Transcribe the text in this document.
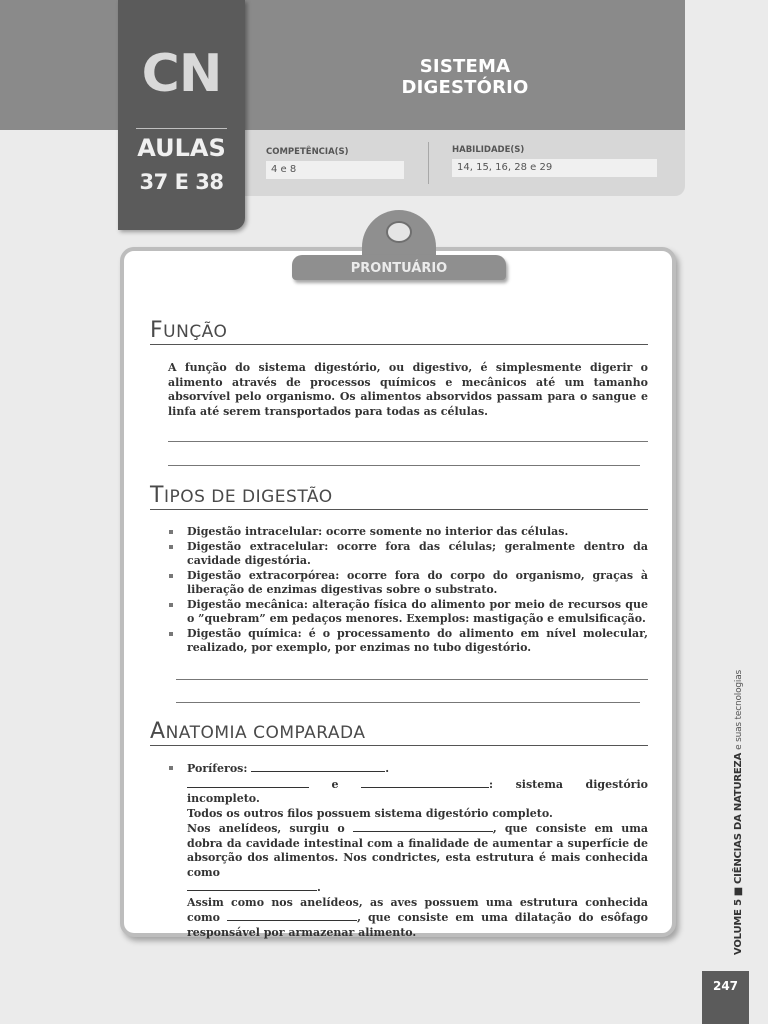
SISTEMA DIGESTÓRIO
COMPETÊNCIA(S)
4 e 8
HABILIDADE(S)
14, 15, 16, 28 e 29
CN
AULAS
37 E 38
PRONTUÁRIO
FUNÇÃO
A função do sistema digestório, ou digestivo, é simplesmente digerir o alimento através de processos químicos e mecânicos até um tamanho absorvível pelo organismo. Os alimentos absorvidos passam para o sangue e linfa até serem transportados para todas as células.
TIPOS DE DIGESTÃO
Digestão intracelular: ocorre somente no interior das células.
Digestão extracelular: ocorre fora das células; geralmente dentro da cavidade digestória.
Digestão extracorpórea: ocorre fora do corpo do organismo, graças à liberação de enzimas digestivas sobre o substrato.
Digestão mecânica: alteração física do alimento por meio de recursos que o ”quebram” em pedaços menores. Exemplos: mastigação e emulsificação.
Digestão química: é o processamento do alimento em nível molecular, realizado, por exemplo, por enzimas no tubo digestório.
ANATOMIA COMPARADA
Poríferos:	.
e	: sistema digestório incompleto.
Todos os outros filos possuem sistema digestório completo.
Nos anelídeos, surgiu o	, que consiste em uma dobra da cavidade intestinal com a finalidade de aumentar a superfície de absorção dos alimentos. Nos condrictes, esta estrutura é mais conhecida como
.
Assim como nos anelídeos, as aves possuem uma estrutura conhecida como	, que consiste em uma dilatação do esôfago responsável por armazenar alimento.	VOLUME 5 ■ CIÊNCIAS DA NATUREZA e suas tecnologias
247
